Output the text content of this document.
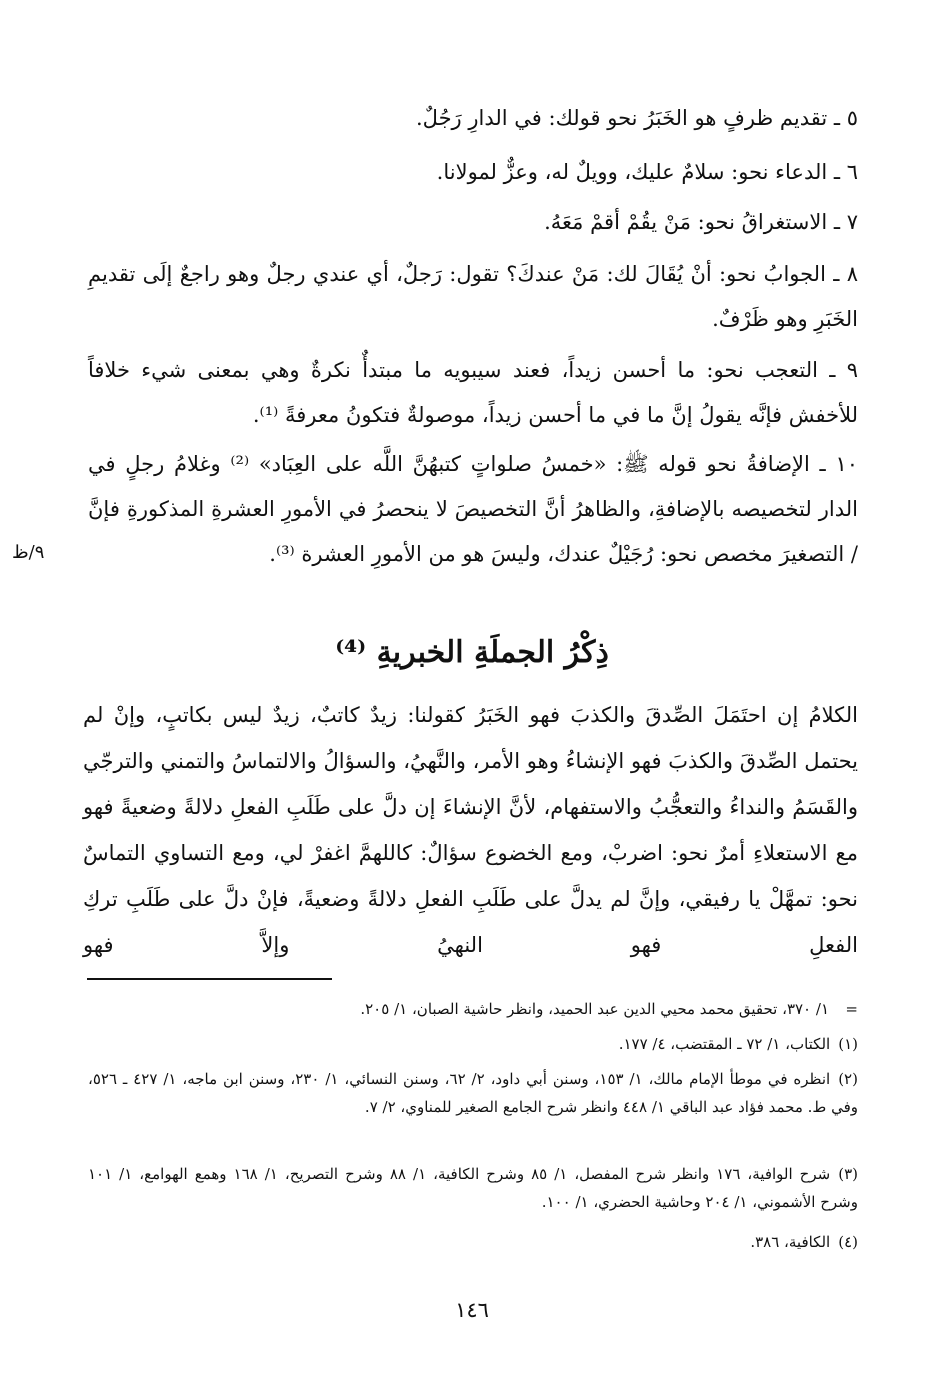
٥ ـ تقديم ظرفٍ هو الخَبَرُ نحو قولك: في الدارِ رَجُلٌ.
٦ ـ الدعاء نحو: سلامٌ عليك، وويلٌ له، وعزٌّ لمولانا.
٧ ـ الاستغراقُ نحو: مَنْ يقُمْ أقمْ مَعَهُ.
٨ ـ الجوابُ نحو: أنْ يُقَالَ لك: مَنْ عندكَ؟ تقول: رَجلٌ، أي عندي رجلٌ وهو راجعٌ إلَى تقديمِ الخَبَرِ وهو ظَرْفٌ.
٩ ـ التعجب نحو: ما أحسن زيداً، فعند سيبويه ما مبتدأٌ نكرةٌ وهي بمعنى شيء خلافاً للأخفش فإنَّه يقولُ إنَّ ما في ما أحسن زيداً، موصولةٌ فتكونُ معرفةً ⁽¹⁾.
١٠ ـ الإضافةُ نحو قوله ﷺ: «خمسُ صلواتٍ كتبهُنَّ اللَّه على العِبَاد» ⁽²⁾ وغلامُ رجلٍ في الدار لتخصيصه بالإضافةِ، والظاهرُ أنَّ التخصيصَ لا ينحصرُ في الأمورِ العشرةِ المذكورةِ فإنَّ / التصغيرَ مخصص نحو: رُجَيْلٌ عندك، وليسَ هو من الأمورِ العشرة ⁽³⁾.
٩/ظ
ذِكْرُ الجملَةِ الخبريةِ ⁽⁴⁾
الكلامُ إن احتَمَلَ الصِّدقَ والكذبَ فهو الخَبَرُ كقولنا: زيدٌ كاتبٌ، زيدٌ ليس بكاتبٍ، وإنْ لم يحتمل الصِّدقَ والكذبَ فهو الإنشاءُ وهو الأمر، والنَّهيُ، والسؤالُ والالتماسُ والتمني والترجّي والقَسَمُ والنداءُ والتعجُّبُ والاستفهام، لأنَّ الإنشاءَ إن دلَّ على طَلَبِ الفعلِ دلالةً وضعيةً فهو مع الاستعلاءِ أمرٌ نحو: اضربْ، ومع الخضوع سؤالٌ: كاللهمَّ اغفرْ لي، ومع التساوي التماسٌ نحو: تمهَّلْ يا رفيقي، وإنَّ لم يدلَّ على طَلَبِ الفعلِ دلالةً وضعيةً، فإنْ دلَّ على طَلَبِ تركِ الفعلِ فهو النهيُ وإلاَّ فهو
=
١/ ٣٧٠، تحقيق محمد محيي الدين عبد الحميد، وانظر حاشية الصبان، ١/ ٢٠٥.
(١)الكتاب، ١/ ٧٢ ـ المقتضب، ٤/ ١٧٧.
(٢)انظره في موطأ الإمام مالك، ١/ ١٥٣، وسنن أبي داود، ٢/ ٦٢، وسنن النسائي، ١/ ٢٣٠، وسنن ابن ماجه، ١/ ٤٢٧ ـ ٥٢٦، وفي ط. محمد فؤاد عبد الباقي ١/ ٤٤٨ وانظر شرح الجامع الصغير للمناوي، ٢/ ٧.
(٣)شرح الوافية، ١٧٦ وانظر شرح المفصل، ١/ ٨٥ وشرح الكافية، ١/ ٨٨ وشرح التصريح، ١/ ١٦٨ وهمع الهوامع، ١/ ١٠١ وشرح الأشموني، ١/ ٢٠٤ وحاشية الحضري، ١/ ١٠٠.
(٤)الكافية، ٣٨٦.
١٤٦
